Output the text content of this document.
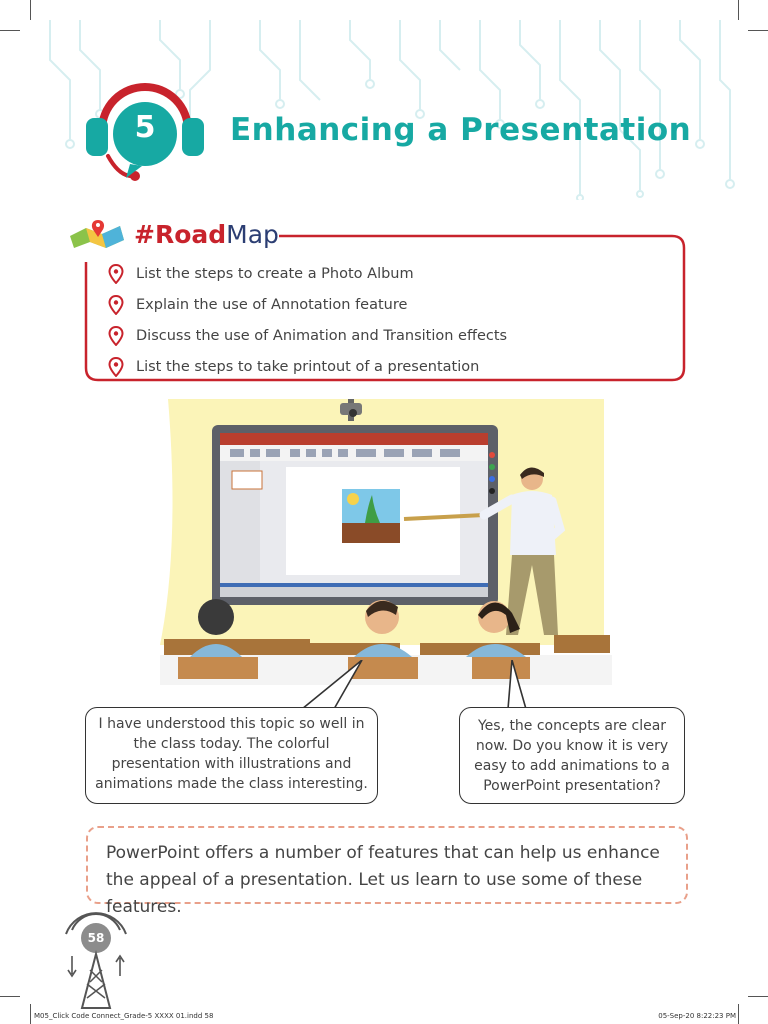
5	Enhancing a Presentation
#RoadMap
List the steps to create a Photo Album
Explain the use of Annotation feature
Discuss the use of Animation and Transition effects
List the steps to take printout of a presentation
I have understood this topic so well in the class today. The colorful presentation with illustrations and animations made the class interesting.
Yes, the concepts are clear now. Do you know it is very easy to add animations to a PowerPoint presentation?
PowerPoint offers a number of features that can help us enhance the appeal of a presentation. Let us learn to use some of these features.
58
M05_Click Code Connect_Grade-5 XXXX 01.indd 58	05-Sep-20 8:22:23 PM
